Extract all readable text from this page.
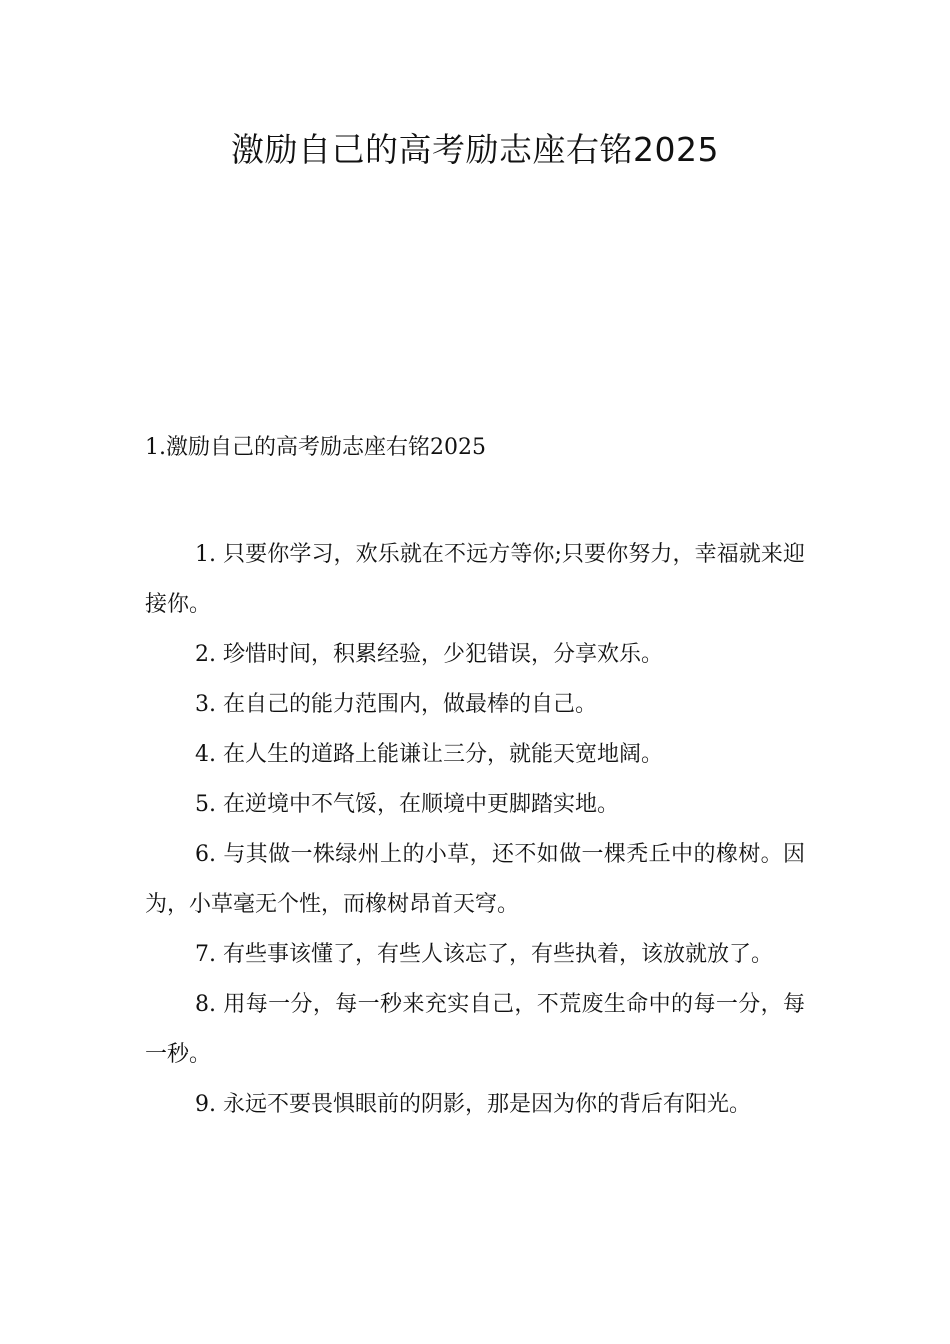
激励自己的高考励志座右铭2025

1.激励自己的高考励志座右铭2025

1. 只要你学习，欢乐就在不远方等你;只要你努力，幸福就来迎接你。

2. 珍惜时间，积累经验，少犯错误，分享欢乐。

3. 在自己的能力范围内，做最棒的自己。

4. 在人生的道路上能谦让三分，就能天宽地阔。

5. 在逆境中不气馁，在顺境中更脚踏实地。

6. 与其做一株绿州上的小草，还不如做一棵秃丘中的橡树。因为，小草毫无个性，而橡树昂首天穹。

7. 有些事该懂了，有些人该忘了，有些执着，该放就放了。

8. 用每一分，每一秒来充实自己，不荒废生命中的每一分，每一秒。

9. 永远不要畏惧眼前的阴影，那是因为你的背后有阳光。
